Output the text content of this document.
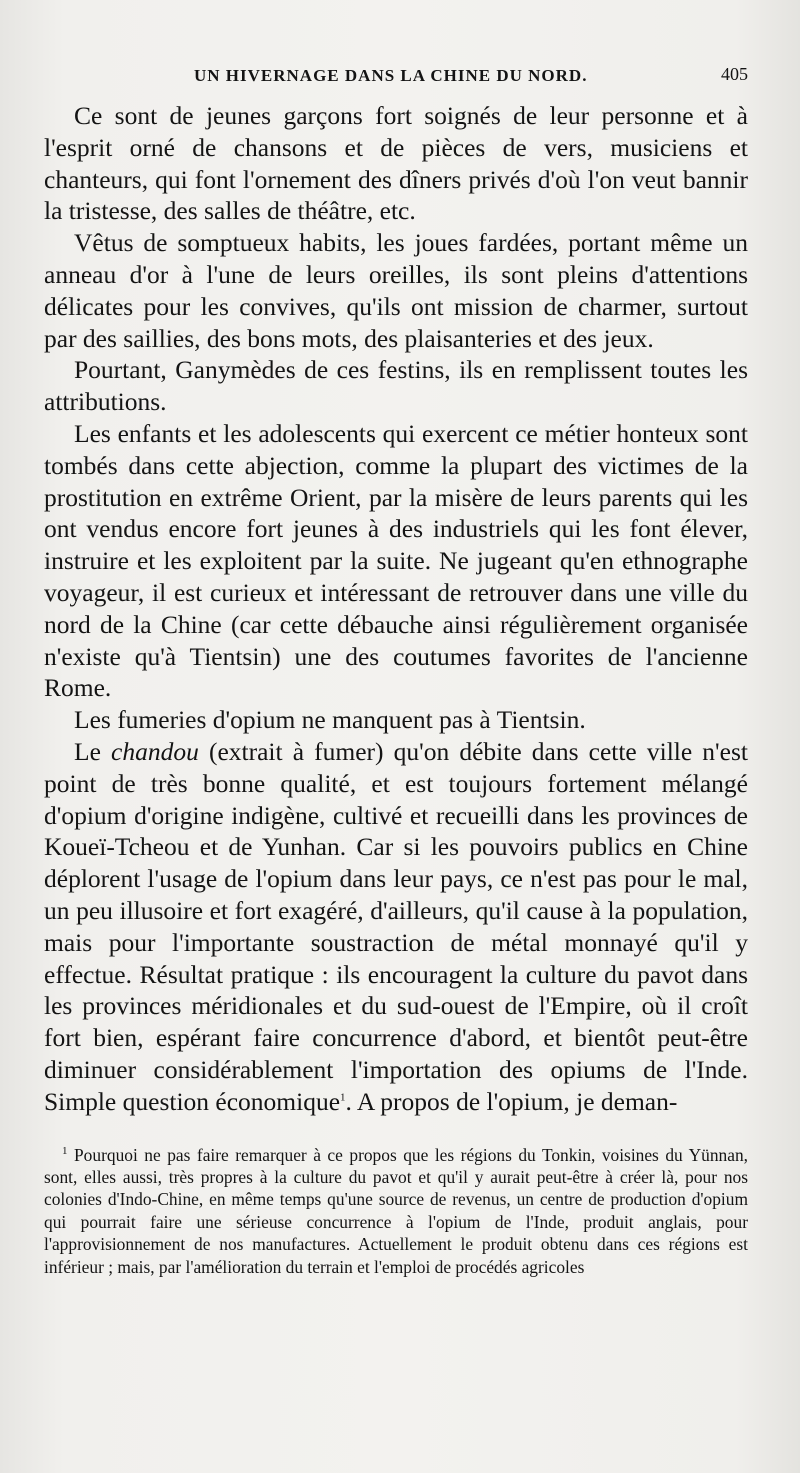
UN HIVERNAGE DANS LA CHINE DU NORD.	405

Ce sont de jeunes garçons fort soignés de leur personne et à l'esprit orné de chansons et de pièces de vers, musiciens et chanteurs, qui font l'ornement des dîners privés d'où l'on veut bannir la tristesse, des salles de théâtre, etc.

Vêtus de somptueux habits, les joues fardées, portant même un anneau d'or à l'une de leurs oreilles, ils sont pleins d'attentions délicates pour les convives, qu'ils ont mission de charmer, surtout par des saillies, des bons mots, des plaisanteries et des jeux.

Pourtant, Ganymèdes de ces festins, ils en remplissent toutes les attributions.

Les enfants et les adolescents qui exercent ce métier honteux sont tombés dans cette abjection, comme la plupart des victimes de la prostitution en extrême Orient, par la misère de leurs parents qui les ont vendus encore fort jeunes à des industriels qui les font élever, instruire et les exploitent par la suite. Ne jugeant qu'en ethnographe voyageur, il est curieux et intéressant de retrouver dans une ville du nord de la Chine (car cette débauche ainsi régulièrement organisée n'existe qu'à Tientsin) une des coutumes favorites de l'ancienne Rome.

Les fumeries d'opium ne manquent pas à Tientsin.

Le chandou (extrait à fumer) qu'on débite dans cette ville n'est point de très bonne qualité, et est toujours fortement mélangé d'opium d'origine indigène, cultivé et recueilli dans les provinces de Koueï-Tcheou et de Yunhan. Car si les pouvoirs publics en Chine déplorent l'usage de l'opium dans leur pays, ce n'est pas pour le mal, un peu illusoire et fort exagéré, d'ailleurs, qu'il cause à la population, mais pour l'importante soustraction de métal monnayé qu'il y effectue. Résultat pratique : ils encouragent la culture du pavot dans les provinces méridionales et du sud-ouest de l'Empire, où il croît fort bien, espérant faire concurrence d'abord, et bientôt peut-être diminuer considérablement l'importation des opiums de l'Inde. Simple question économique$^1$. A propos de l'opium, je deman-

$^1$ Pourquoi ne pas faire remarquer à ce propos que les régions du Tonkin, voisines du Yünnan, sont, elles aussi, très propres à la culture du pavot et qu'il y aurait peut-être à créer là, pour nos colonies d'Indo-Chine, en même temps qu'une source de revenus, un centre de production d'opium qui pourrait faire une sérieuse concurrence à l'opium de l'Inde, produit anglais, pour l'approvisionnement de nos manufactures. Actuellement le produit obtenu dans ces régions est inférieur ; mais, par l'amélioration du terrain et l'emploi de procédés agricoles
